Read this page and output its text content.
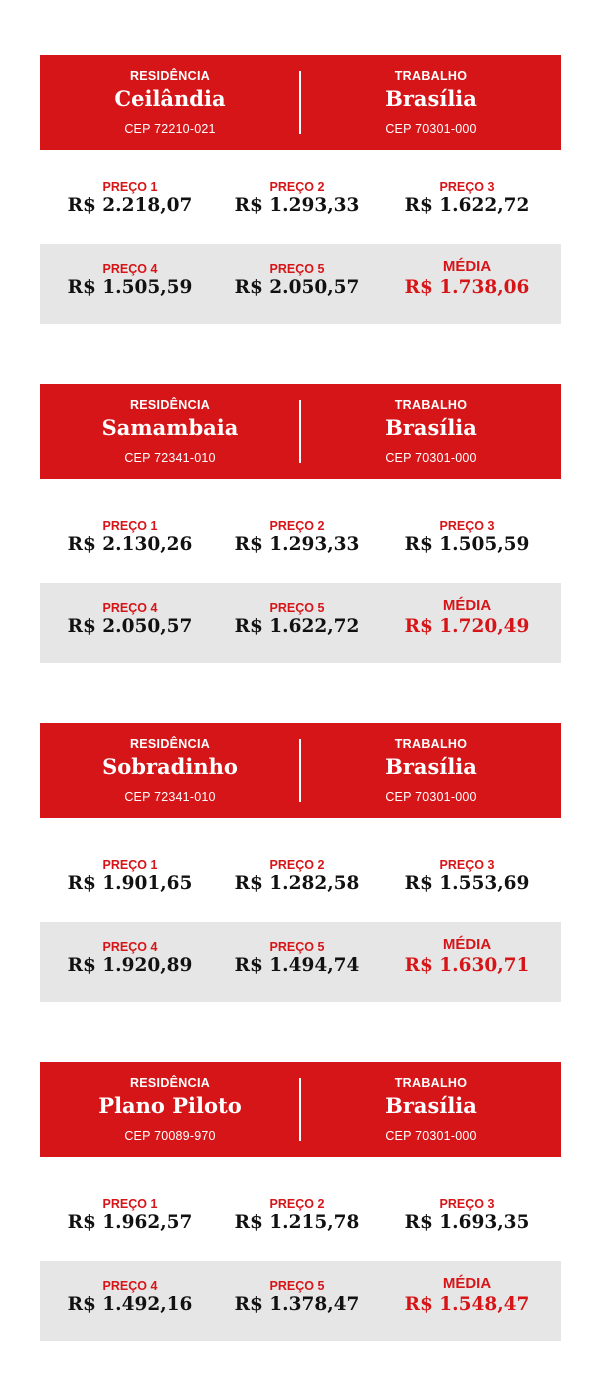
RESIDÊNCIA
Ceilândia
CEP 72210-021
TRABALHO
Brasília
CEP 70301-000
PREÇO 1
R$ 2.218,07
PREÇO 2
R$ 1.293,33
PREÇO 3
R$ 1.622,72
PREÇO 4
R$ 1.505,59
PREÇO 5
R$ 2.050,57
MÉDIA
R$ 1.738,06
RESIDÊNCIA
Samambaia
CEP 72341-010
TRABALHO
Brasília
CEP 70301-000
PREÇO 1
R$ 2.130,26
PREÇO 2
R$ 1.293,33
PREÇO 3
R$ 1.505,59
PREÇO 4
R$ 2.050,57
PREÇO 5
R$ 1.622,72
MÉDIA
R$ 1.720,49
RESIDÊNCIA
Sobradinho
CEP 72341-010
TRABALHO
Brasília
CEP 70301-000
PREÇO 1
R$ 1.901,65
PREÇO 2
R$ 1.282,58
PREÇO 3
R$ 1.553,69
PREÇO 4
R$ 1.920,89
PREÇO 5
R$ 1.494,74
MÉDIA
R$ 1.630,71
RESIDÊNCIA
Plano Piloto
CEP 70089-970
TRABALHO
Brasília
CEP 70301-000
PREÇO 1
R$ 1.962,57
PREÇO 2
R$ 1.215,78
PREÇO 3
R$ 1.693,35
PREÇO 4
R$ 1.492,16
PREÇO 5
R$ 1.378,47
MÉDIA
R$ 1.548,47
